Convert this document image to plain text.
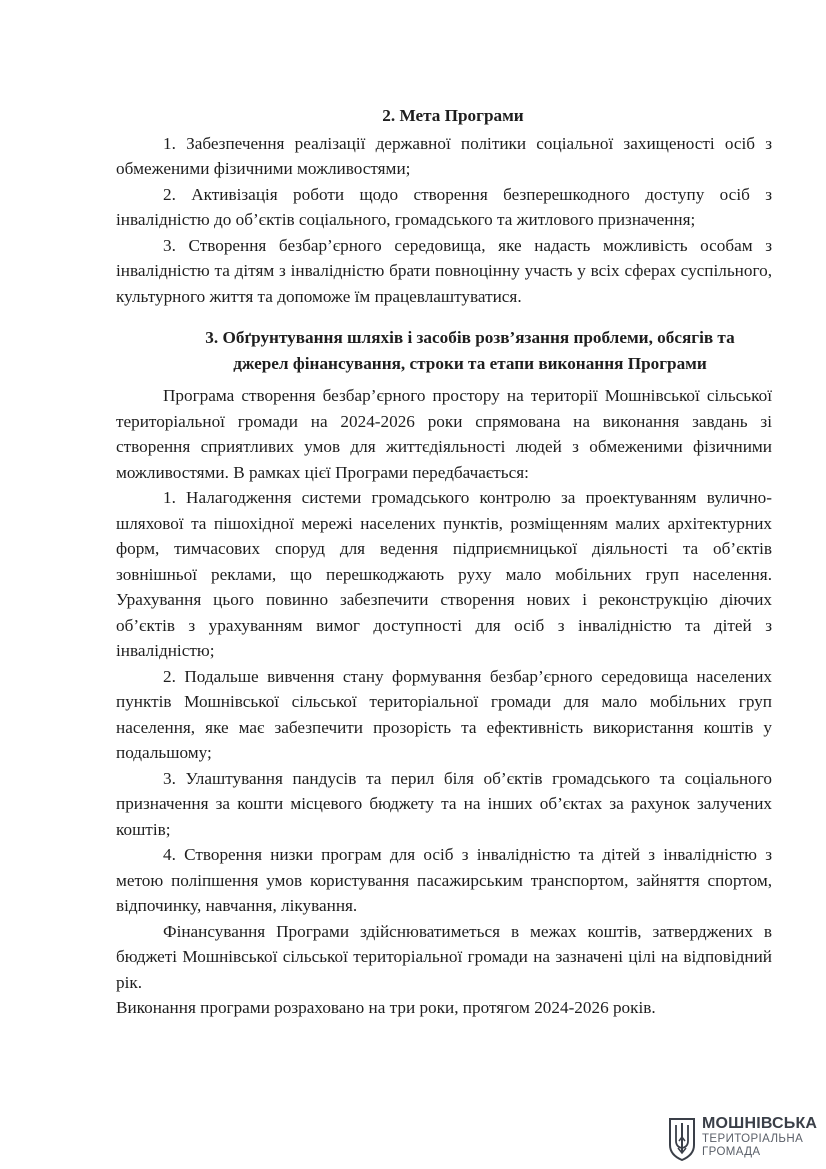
2. Мета Програми

1. Забезпечення реалізації державної політики соціальної захищеності осіб з обмеженими фізичними можливостями;

2. Активізація роботи щодо створення безперешкодного доступу осіб з інвалідністю до об’єктів соціального, громадського та житлового призначення;

3. Створення безбар’єрного середовища, яке надасть можливість особам з інвалідністю та дітям з інвалідністю брати повноцінну участь у всіх сферах суспільного, культурного життя та допоможе їм працевлаштуватися.

3. Обґрунтування шляхів і засобів розв’язання проблеми, обсягів та
джерел фінансування, строки та етапи виконання Програми

Програма створення безбар’єрного простору на території Мошнівської сільської територіальної громади на 2024-2026 роки спрямована на виконання завдань зі створення сприятливих умов для життєдіяльності людей з обмеженими фізичними можливостями. В рамках цієї Програми передбачається:

1. Налагодження системи громадського контролю за проектуванням вулично-шляхової та пішохідної мережі населених пунктів, розміщенням малих архітектурних форм, тимчасових споруд для ведення підприємницької діяльності та об’єктів зовнішньої реклами, що перешкоджають руху мало мобільних груп населення. Урахування цього повинно забезпечити створення нових і реконструкцію діючих об’єктів з урахуванням вимог доступності для осіб з інвалідністю та дітей з інвалідністю;

2. Подальше вивчення стану формування безбар’єрного середовища населених пунктів Мошнівської сільської територіальної громади для мало мобільних груп населення, яке має забезпечити прозорість та ефективність використання коштів у подальшому;

3. Улаштування пандусів та перил біля об’єктів громадського та соціального призначення за кошти місцевого бюджету та на інших об’єктах за рахунок залучених коштів;

4. Створення низки програм для осіб з інвалідністю та дітей з інвалідністю з метою поліпшення умов користування пасажирським транспортом, зайняття спортом, відпочинку, навчання, лікування.

Фінансування Програми здійснюватиметься в межах коштів, затверджених в бюджеті Мошнівської сільської територіальної громади на зазначені цілі на відповідний рік.

Виконання програми розраховано на три роки, протягом 2024-2026 років.

МОШНІВСЬКА
ТЕРИТОРІАЛЬНА
ГРОМАДА
